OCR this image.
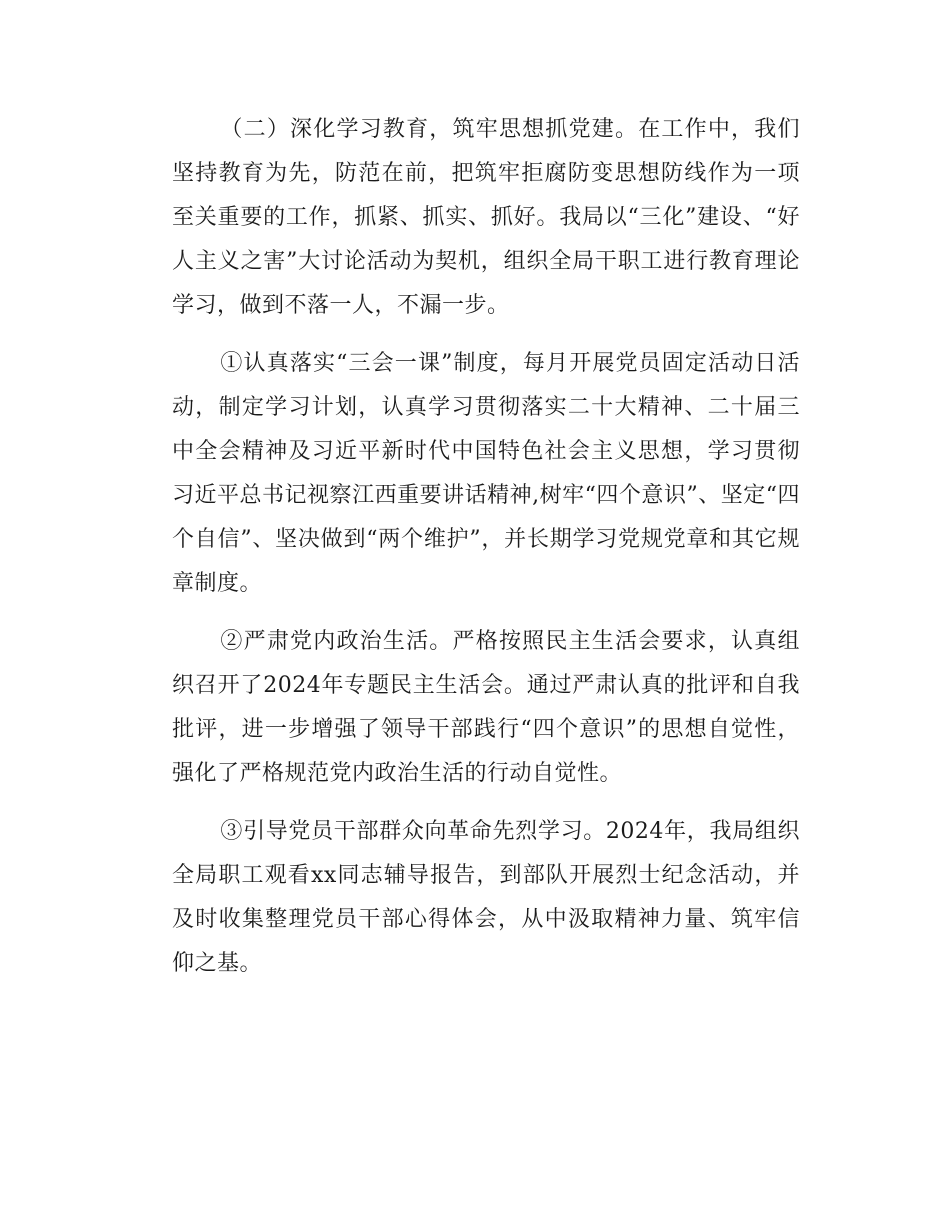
（二）深化学习教育，筑牢思想抓党建。在工作中，我们坚持教育为先，防范在前，把筑牢拒腐防变思想防线作为一项至关重要的工作，抓紧、抓实、抓好。我局以“三化”建设、“好人主义之害”大讨论活动为契机，组织全局干职工进行教育理论学习，做到不落一人，不漏一步。

①认真落实“三会一课”制度，每月开展党员固定活动日活动，制定学习计划，认真学习贯彻落实二十大精神、二十届三中全会精神及习近平新时代中国特色社会主义思想，学习贯彻习近平总书记视察江西重要讲话精神,树牢“四个意识”、坚定“四个自信”、坚决做到“两个维护”，并长期学习党规党章和其它规章制度。

②严肃党内政治生活。严格按照民主生活会要求，认真组织召开了2024年专题民主生活会。通过严肃认真的批评和自我批评，进一步增强了领导干部践行“四个意识”的思想自觉性，强化了严格规范党内政治生活的行动自觉性。

③引导党员干部群众向革命先烈学习。2024年，我局组织全局职工观看xx同志辅导报告，到部队开展烈士纪念活动，并及时收集整理党员干部心得体会，从中汲取精神力量、筑牢信仰之基。
